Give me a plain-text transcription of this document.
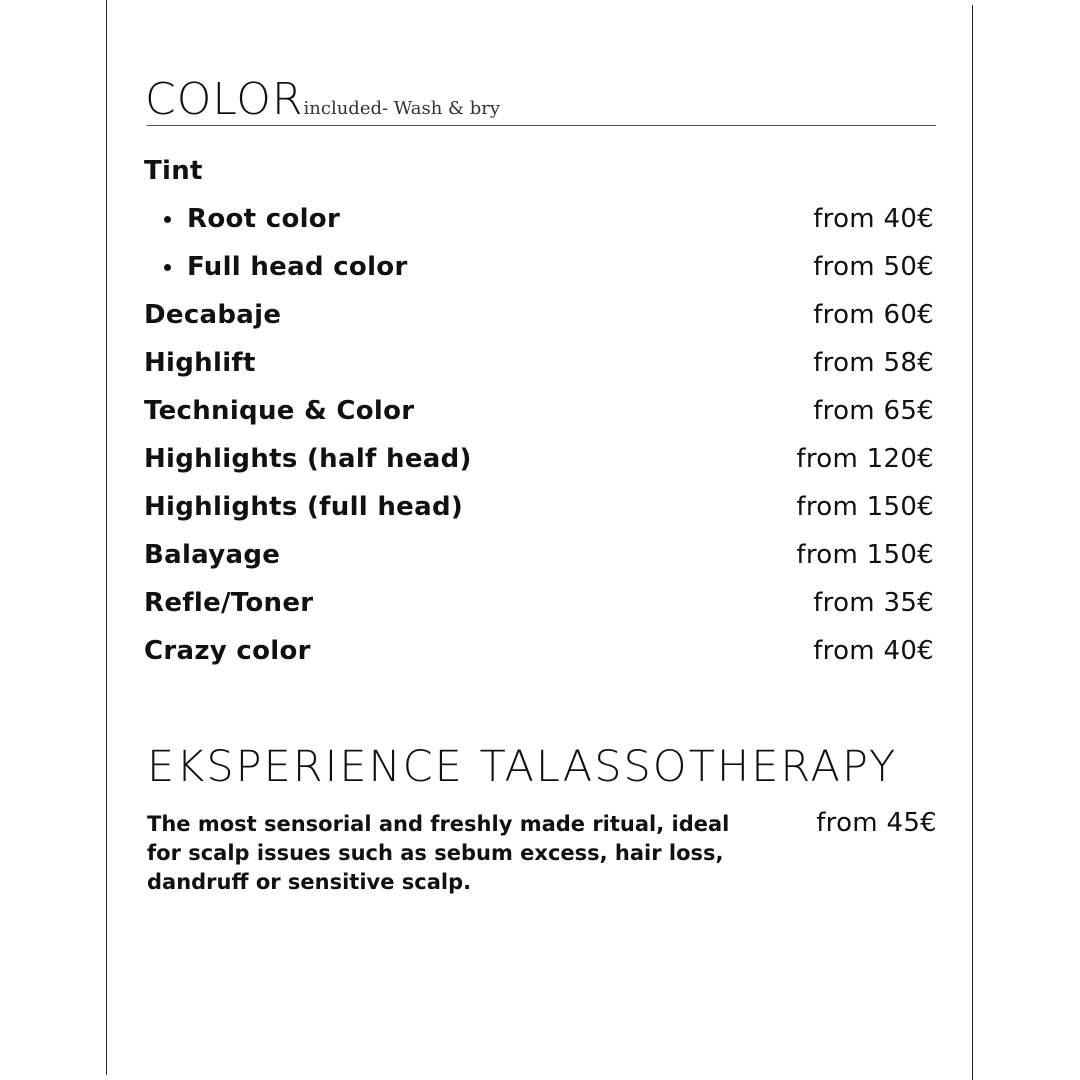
COLORincluded- Wash & bry
Tint
Root color	from 40€
Full head color	from 50€
Decabaje	from 60€
Highlift	from 58€
Technique & Color	from 65€
Highlights (half head)	from 120€
Highlights (full head)	from 150€
Balayage	from 150€
Refle/Toner	from 35€
Crazy color	from 40€
EKSPERIENCE TALASSOTHERAPY
The most sensorial and freshly made ritual, ideal for scalp issues such as sebum excess, hair loss, dandruff or sensitive scalp.
from 45€
